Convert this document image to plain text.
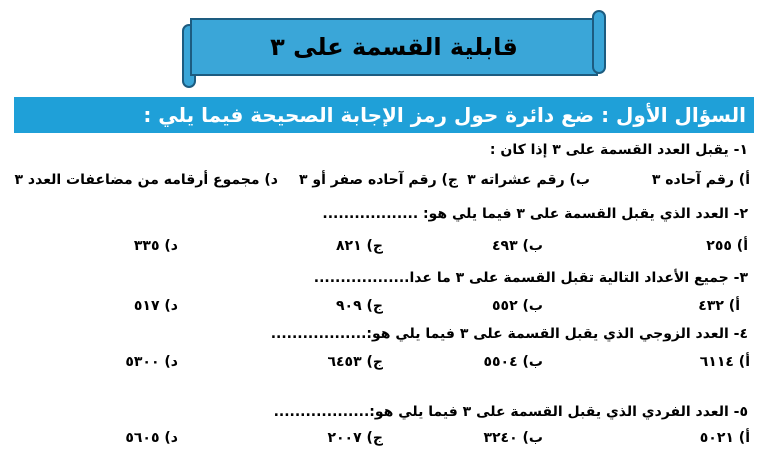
قابلية القسمة على ٣
السؤال الأول : ضع دائرة حول رمز الإجابة الصحيحة فيما يلي :
١- يقبل العدد القسمة على ٣ إذا كان :
أ) رقم آحاده ٣
ب) رقم عشراته ٣
ج) رقم آحاده صفر أو ٣
د) مجموع أرقامه من مضاعفات العدد ٣
٢- العدد الذي يقبل القسمة على ٣ فيما يلي هو: ..................
أ) ٢٥٥
ب) ٤٩٣
ج) ٨٢١
د) ٣٣٥
٣- جميع الأعداد التالية تقبل القسمة على ٣ ما عدا..................
أ) ٤٣٢
ب) ٥٥٢
ج) ٩٠٩
د) ٥١٧
٤- العدد الزوجي الذي يقبل القسمة على ٣ فيما يلي هو:..................
أ) ٦١١٤
ب) ٥٥٠٤
ج) ٦٤٥٣
د) ٥٣٠٠
٥- العدد الفردي الذي يقبل القسمة على ٣ فيما يلي هو:..................
أ) ٥٠٢١
ب) ٣٢٤٠
ج) ٢٠٠٧
د) ٥٦٠٥
